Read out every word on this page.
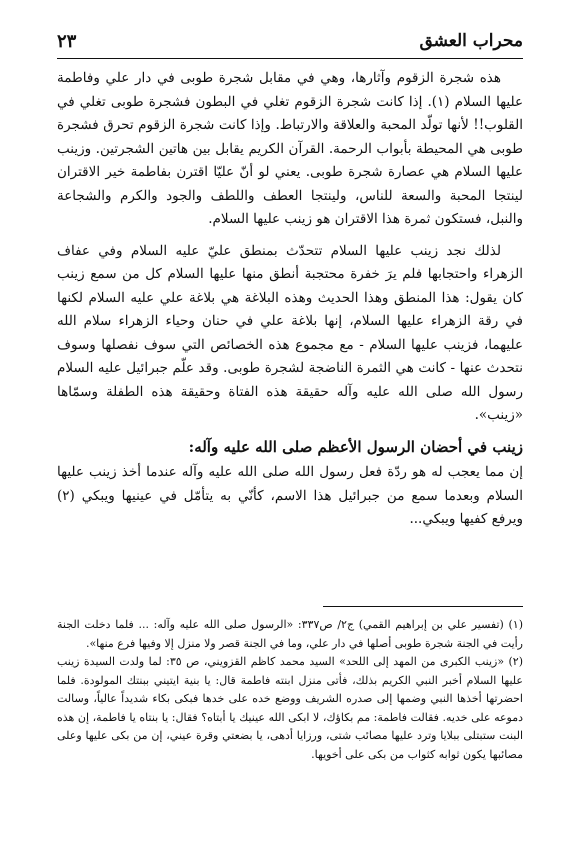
محراب العشق
٢٣

هذه شجرة الزقوم وآثارها، وهي في مقابل شجرة طوبى في دار علي وفاطمة عليها السلام (١). إذا كانت شجرة الزقوم تغلي في البطون فشجرة طوبى تغلي في القلوب!! لأنها تولّد المحبة والعلاقة والارتباط. وإذا كانت شجرة الزقوم تحرق فشجرة طوبى هي المحيطة بأبواب الرحمة. القرآن الكريم يقابل بين هاتين الشجرتين. وزينب عليها السلام هي عصارة شجرة طوبى. يعني لو أنّ عليّا اقترن بفاطمة خير الاقتران لينتجا المحبة والسعة للناس، ولينتجا العطف واللطف والجود والكرم والشجاعة والنبل، فستكون ثمرة هذا الاقتران هو زينب عليها السلام.

لذلك نجد زينب عليها السلام تتحدّث بمنطق عليّ عليه السلام وفي عفاف الزهراء واحتجابها فلم يرَ خفرة محتجبة أنطق منها عليها السلام كل من سمع زينب كان يقول: هذا المنطق وهذا الحديث وهذه البلاغة هي بلاغة علي عليه السلام لكنها في رقة الزهراء عليها السلام، إنها بلاغة علي في حنان وحياء الزهراء سلام الله عليهما، فزينب عليها السلام - مع مجموع هذه الخصائص التي سوف نفصلها وسوف نتحدث عنها - كانت هي الثمرة الناضجة لشجرة طوبى. وقد علّم جبرائيل عليه السلام رسول الله صلى الله عليه وآله حقيقة هذه الفتاة وحقيقة هذه الطفلة وسمّاها «زينب».

زينب في أحضان الرسول الأعظم صلى الله عليه وآله:

إن مما يعجب له هو ردّة فعل رسول الله صلى الله عليه وآله عندما أخذ زينب عليها السلام وبعدما سمع من جبرائيل هذا الاسم، كأنّي به يتأمّل في عينيها ويبكي (٢) ويرفع كفيها ويبكي...

(١) (تفسير علي بن إبراهيم القمي) ج٢/ ص٣٣٧: «الرسول صلى الله عليه وآله: ... فلما دخلت الجنة رأيت في الجنة شجرة طوبى أصلها في دار علي، وما في الجنة قصر ولا منزل إلا وفيها فرع منها».

(٢) «زينب الكبرى من المهد إلى اللحد» السيد محمد كاظم القزويني، ص ٣٥: لما ولدت السيدة زينب عليها السلام أخبر النبي الكريم بذلك، فأتى منزل ابنته فاطمة قال: يا بنية ايتيني ببنتك المولودة. فلما احضرتها أخذها النبي وضمها إلى صدره الشريف ووضع خده على خدها فبكى بكاء شديداً عالياً، وسالت دموعه على خديه. فقالت فاطمة: مم بكاؤك، لا ابكى الله عينيك يا أبتاه؟ فقال: يا بنتاه يا فاطمة، إن هذه البنت ستبتلى ببلايا وترد عليها مصائب شتى، ورزايا أدهى، يا بضعتي وقرة عيني، إن من بكى عليها وعلى مصائبها يكون ثوابه كثواب من بكى على أخويها.
